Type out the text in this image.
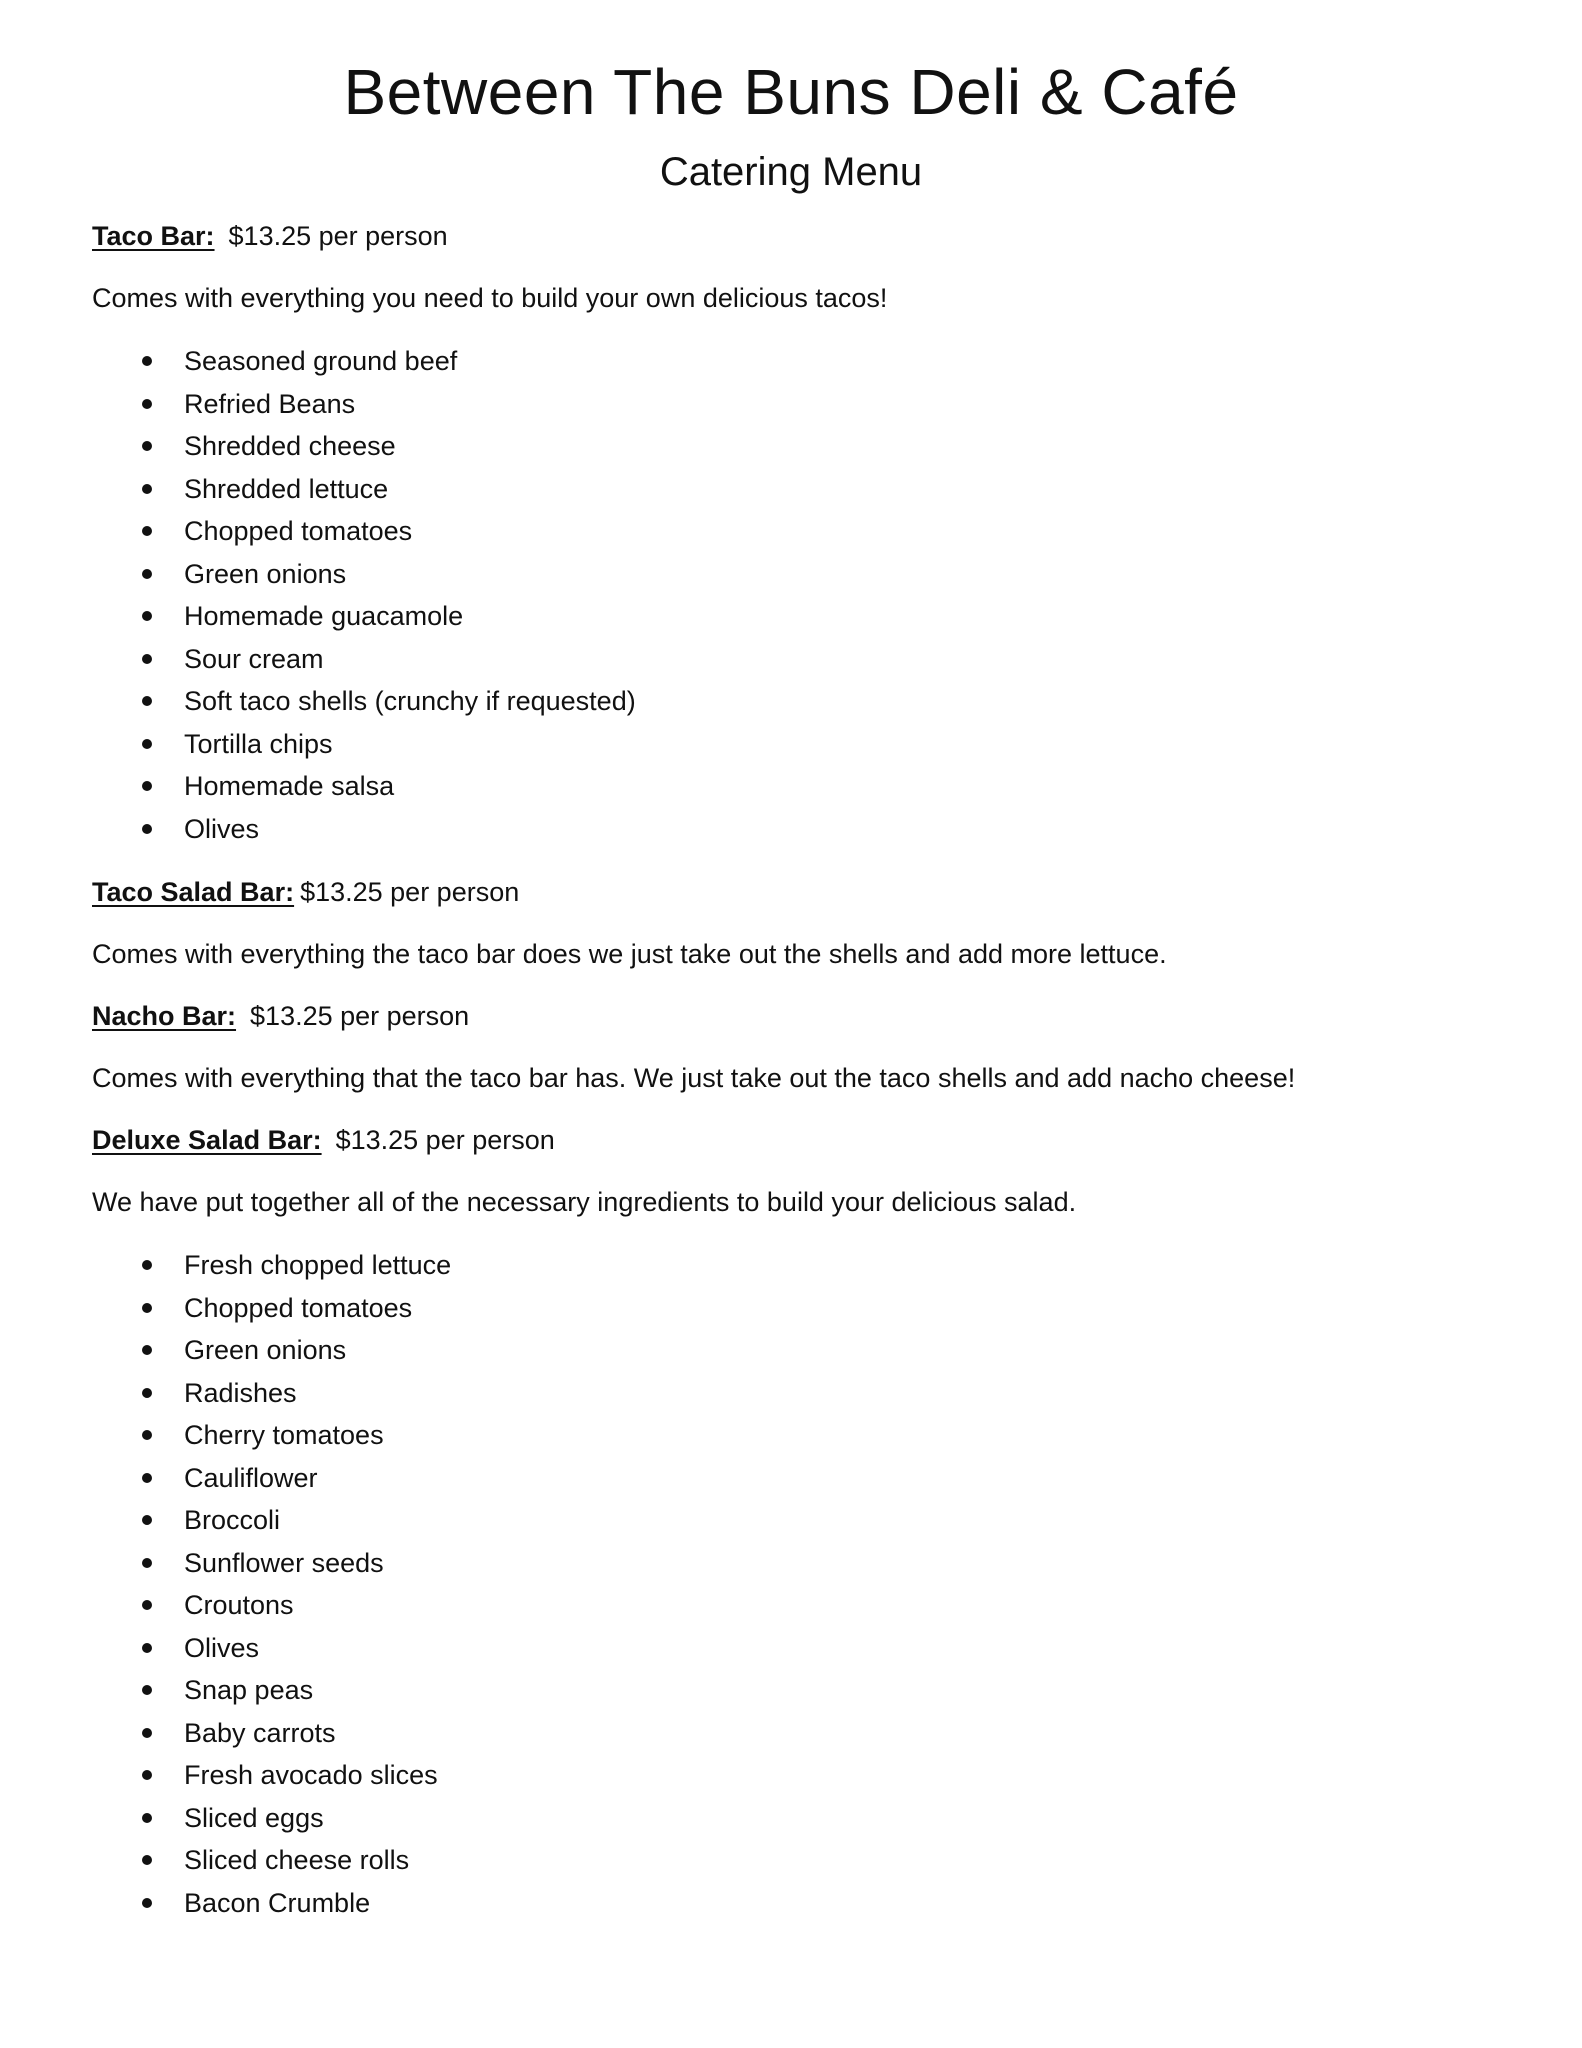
Between The Buns Deli & Café
Catering Menu
Taco Bar: $13.25 per person

Comes with everything you need to build your own delicious tacos!

Seasoned ground beef
Refried Beans
Shredded cheese
Shredded lettuce
Chopped tomatoes
Green onions
Homemade guacamole
Sour cream
Soft taco shells (crunchy if requested)
Tortilla chips
Homemade salsa
Olives
Taco Salad Bar: $13.25 per person

Comes with everything the taco bar does we just take out the shells and add more lettuce.

Nacho Bar: $13.25 per person

Comes with everything that the taco bar has. We just take out the taco shells and add nacho cheese!

Deluxe Salad Bar: $13.25 per person

We have put together all of the necessary ingredients to build your delicious salad.

Fresh chopped lettuce
Chopped tomatoes
Green onions
Radishes
Cherry tomatoes
Cauliflower
Broccoli
Sunflower seeds
Croutons
Olives
Snap peas
Baby carrots
Fresh avocado slices
Sliced eggs
Sliced cheese rolls
Bacon Crumble
